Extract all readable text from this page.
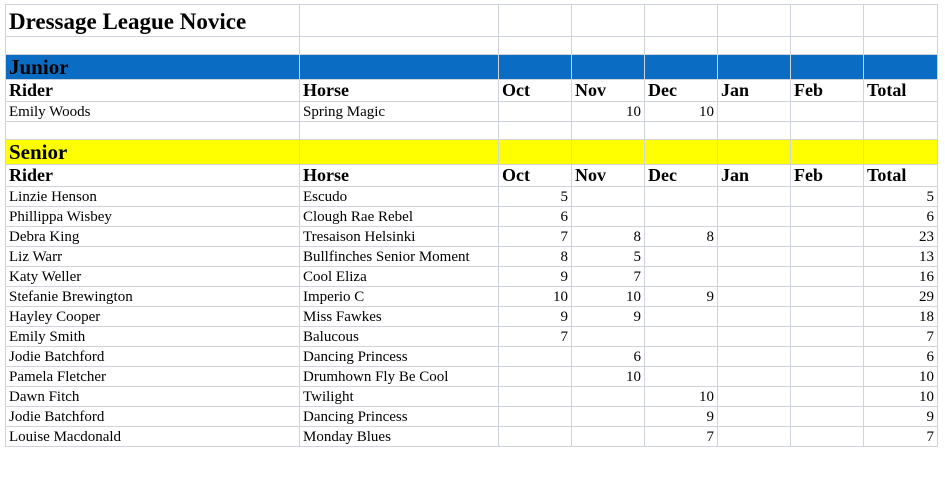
Dressage League Novice							

Junior							
Rider	Horse	Oct	Nov	Dec	Jan	Feb	Total
Emily Woods	Spring Magic		10	10			

Senior							
Rider	Horse	Oct	Nov	Dec	Jan	Feb	Total
Linzie Henson	Escudo	5					5
Phillippa Wisbey	Clough Rae Rebel	6					6
Debra King	Tresaison Helsinki	7	8	8			23
Liz Warr	Bullfinches Senior Moment	8	5				13
Katy Weller	Cool Eliza	9	7				16
Stefanie Brewington	Imperio C	10	10	9			29
Hayley Cooper	Miss Fawkes	9	9				18
Emily Smith	Balucous	7					7
Jodie Batchford	Dancing Princess		6				6
Pamela Fletcher	Drumhown Fly Be Cool		10				10
Dawn Fitch	Twilight			10			10
Jodie Batchford	Dancing Princess			9			9
Louise Macdonald	Monday Blues			7			7
